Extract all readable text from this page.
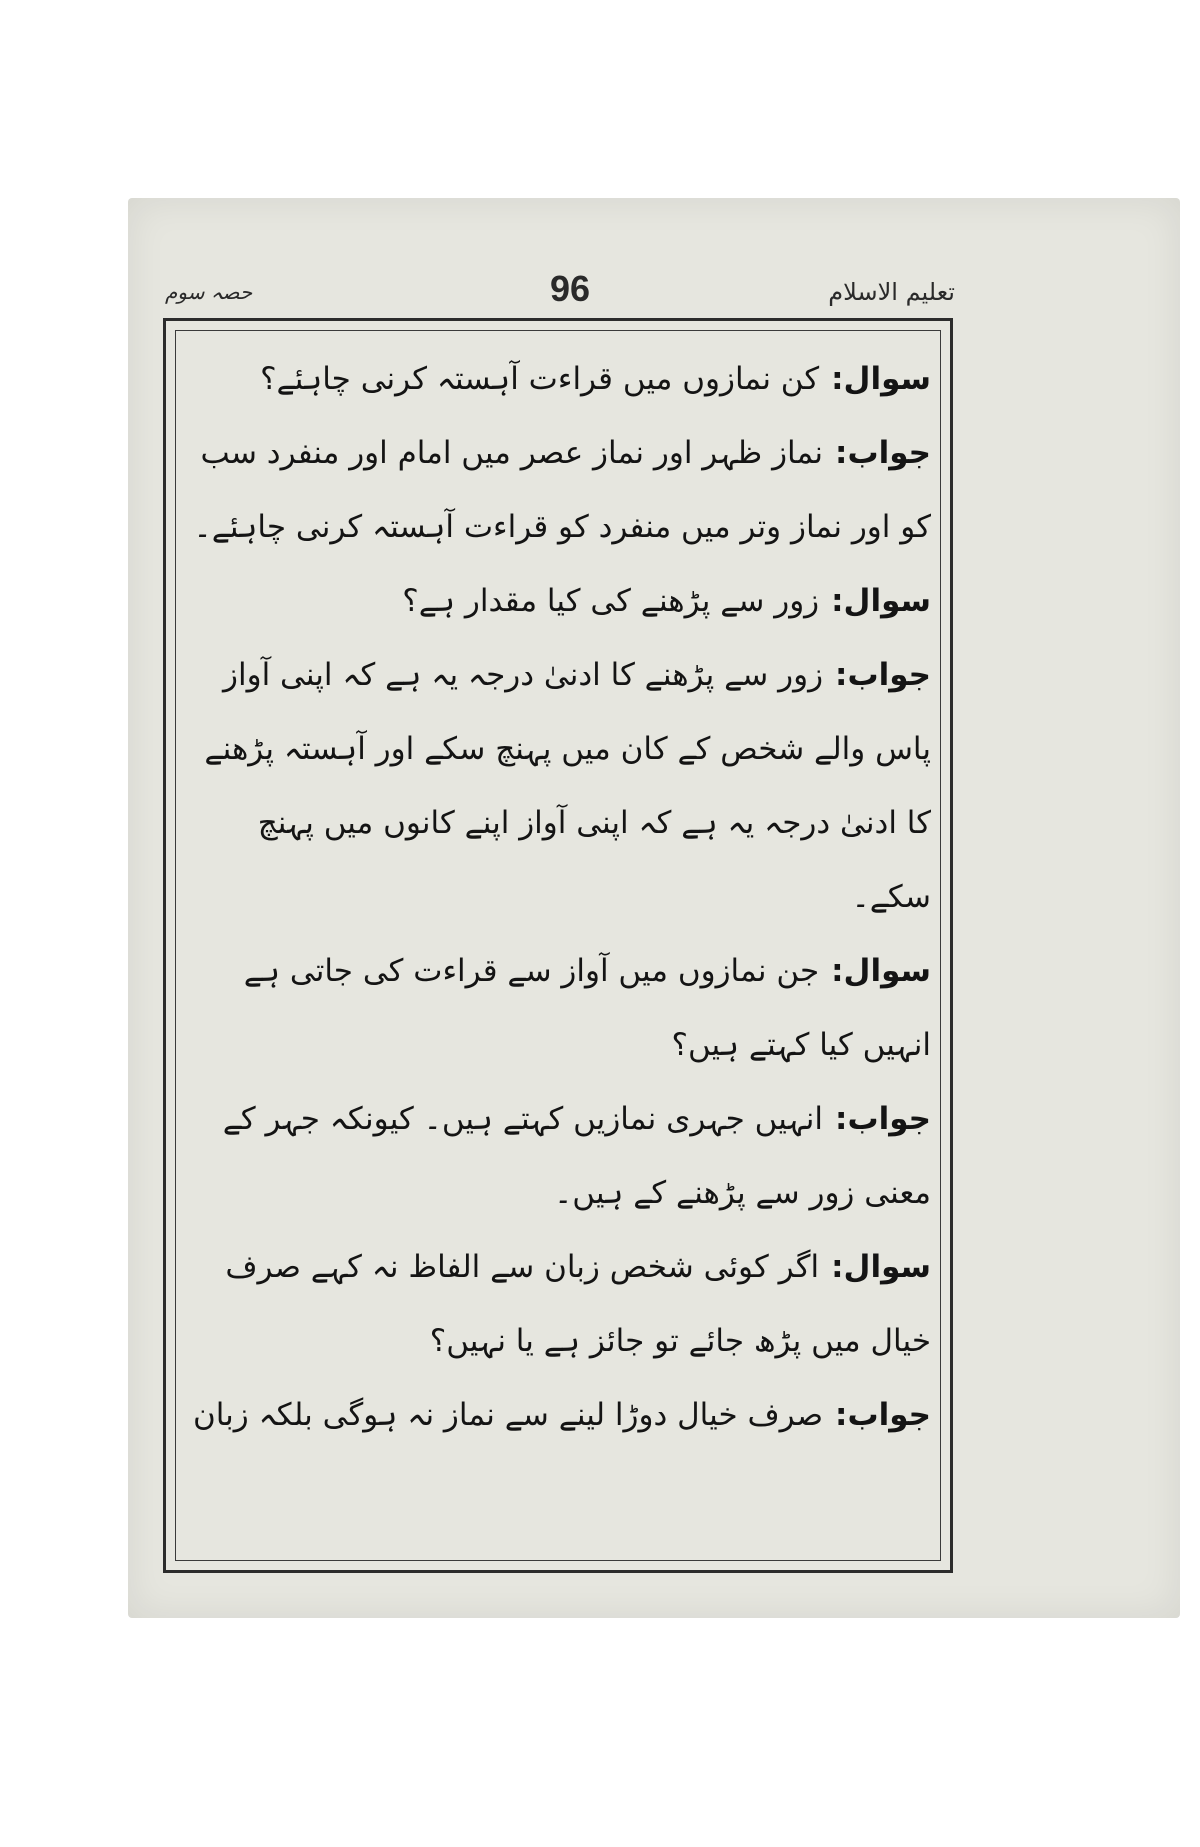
تعلیم الاسلام
96
حصہ سوم

سوال:کن نمازوں میں قراءت آہستہ کرنی چاہئے؟

جواب:نماز ظہر اور نماز عصر میں امام اور منفرد سب کو اور نماز وتر میں منفرد کو قراءت آہستہ کرنی چاہئے۔

سوال:زور سے پڑھنے کی کیا مقدار ہے؟

جواب:زور سے پڑھنے کا ادنیٰ درجہ یہ ہے کہ اپنی آواز پاس والے شخص کے کان میں پہنچ سکے اور آہستہ پڑھنے کا ادنیٰ درجہ یہ ہے کہ اپنی آواز اپنے کانوں میں پہنچ سکے۔

سوال:جن نمازوں میں آواز سے قراءت کی جاتی ہے انہیں کیا کہتے ہیں؟

جواب:انہیں جہری نمازیں کہتے ہیں۔ کیونکہ جہر کے معنی زور سے پڑھنے کے ہیں۔

سوال:اگر کوئی شخص زبان سے الفاظ نہ کہے صرف خیال میں پڑھ جائے تو جائز ہے یا نہیں؟

جواب:صرف خیال دوڑا لینے سے نماز نہ ہوگی بلکہ زبان
